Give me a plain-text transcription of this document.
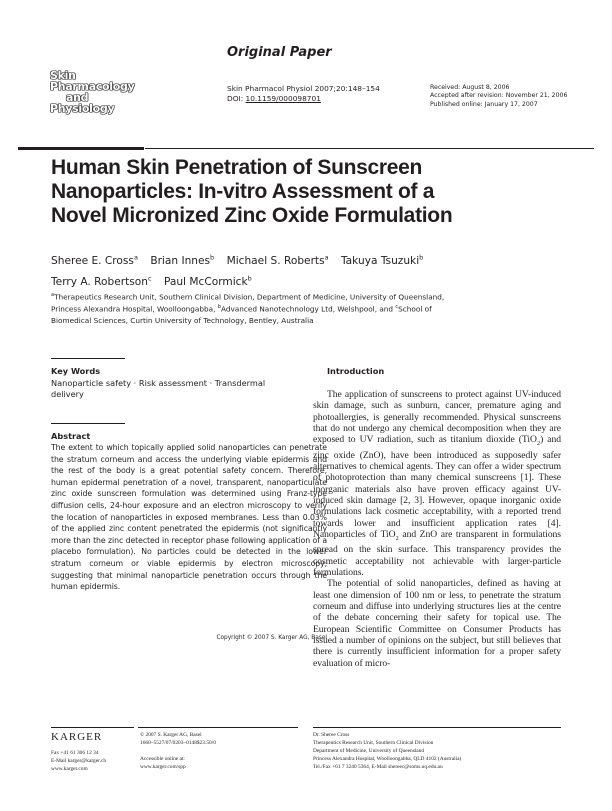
Original Paper
Skin
Pharmacology
and
Physiology
Skin Pharmacol Physiol 2007;20:148–154
DOI: 10.1159/000098701
Received: August 8, 2006
Accepted after revision: November 21, 2006
Published online: January 17, 2007
Human Skin Penetration of Sunscreen
Nanoparticles: In-vitro Assessment of a
Novel Micronized Zinc Oxide Formulation
Sheree E. Cross$^a$ Brian Innes$^b$ Michael S. Roberts$^a$ Takuya Tsuzuki$^b$
Terry A. Robertson$^c$ Paul McCormick$^b$
$^a$Therapeutics Research Unit, Southern Clinical Division, Department of Medicine, University of Queensland,
Princess Alexandra Hospital, Woolloongabba, $^b$Advanced Nanotechnology Ltd, Welshpool, and $^c$School of
Biomedical Sciences, Curtin University of Technology, Bentley, Australia
Key Words
Nanoparticle safety · Risk assessment · Transdermal delivery
Abstract
The extent to which topically applied solid nanoparticles can penetrate the stratum corneum and access the underlying viable epidermis and the rest of the body is a great potential safety concern. Therefore, human epidermal penetration of a novel, transparent, nanoparticulate zinc oxide sunscreen formulation was determined using Franz-type diffusion cells, 24-hour exposure and an electron microscopy to verify the location of nanoparticles in exposed membranes. Less than 0.03% of the applied zinc content penetrated the epidermis (not significantly more than the zinc detected in receptor phase following application of a placebo formulation). No particles could be detected in the lower stratum corneum or viable epidermis by electron microscopy, suggesting that minimal nanoparticle penetration occurs through the human epidermis.
Copyright © 2007 S. Karger AG, Basel
Introduction

The application of sunscreens to protect against UV-induced skin damage, such as sunburn, cancer, premature aging and photoallergies, is generally recommended. Physical sunscreens that do not undergo any chemical decomposition when they are exposed to UV radiation, such as titanium dioxide (TiO$_2$) and zinc oxide (ZnO), have been introduced as supposedly safer alternatives to chemical agents. They can offer a wider spectrum of photoprotection than many chemical sunscreens [1]. These inorganic materials also have proven efficacy against UV-induced skin damage [2, 3]. However, opaque inorganic oxide formulations lack cosmetic acceptability, with a reported trend towards lower and insufficient application rates [4]. Nanoparticles of TiO$_2$ and ZnO are transparent in formulations spread on the skin surface. This transparency provides the cosmetic acceptability not achievable with larger-particle formulations.

The potential of solid nanoparticles, defined as having at least one dimension of 100 nm or less, to penetrate the stratum corneum and diffuse into underlying structures lies at the centre of the debate concerning their safety for topical use. The European Scientific Committee on Consumer Products has issued a number of opinions on the subject, but still believes that there is currently insufficient information for a proper safety evaluation of micro-

KARGER
Fax +41 61 306 12 34
E-Mail karger@karger.ch
www.karger.com
© 2007 S. Karger AG, Basel
1660–5527/07/0203–0148$23.50/0
Accessible online at:
www.karger.com/spp
Dr. Sheree Cross
Therapeutics Research Unit, Southern Clinical Division
Department of Medicine, University of Queensland
Princess Alexandra Hospital, Woolloongabba, QLD 4102 (Australia)
Tel./Fax +61 7 3240 5364, E-Mail shereec@soms.uq.edu.au
